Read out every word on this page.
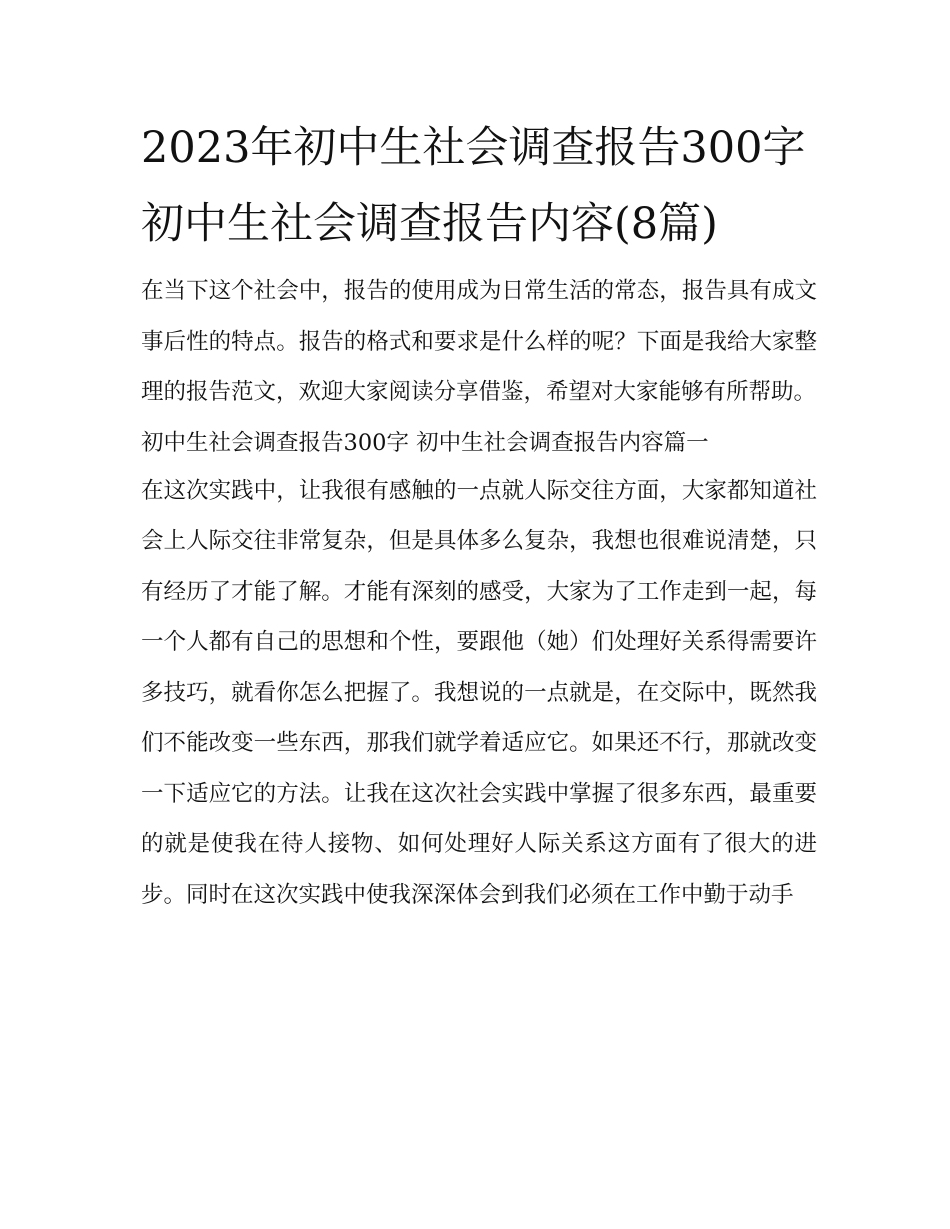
2023年初中生社会调查报告300字 初中生社会调查报告内容(8篇)

在当下这个社会中，报告的使用成为日常生活的常态，报告具有成文事后性的特点。报告的格式和要求是什么样的呢？下面是我给大家整理的报告范文，欢迎大家阅读分享借鉴，希望对大家能够有所帮助。

初中生社会调查报告300字 初中生社会调查报告内容篇一

在这次实践中，让我很有感触的一点就人际交往方面，大家都知道社会上人际交往非常复杂，但是具体多么复杂，我想也很难说清楚，只有经历了才能了解。才能有深刻的感受，大家为了工作走到一起，每一个人都有自己的思想和个性，要跟他（她）们处理好关系得需要许多技巧，就看你怎么把握了。我想说的一点就是，在交际中，既然我们不能改变一些东西，那我们就学着适应它。如果还不行，那就改变一下适应它的方法。让我在这次社会实践中掌握了很多东西，最重要的就是使我在待人接物、如何处理好人际关系这方面有了很大的进步。同时在这次实践中使我深深体会到我们必须在工作中勤于动手
